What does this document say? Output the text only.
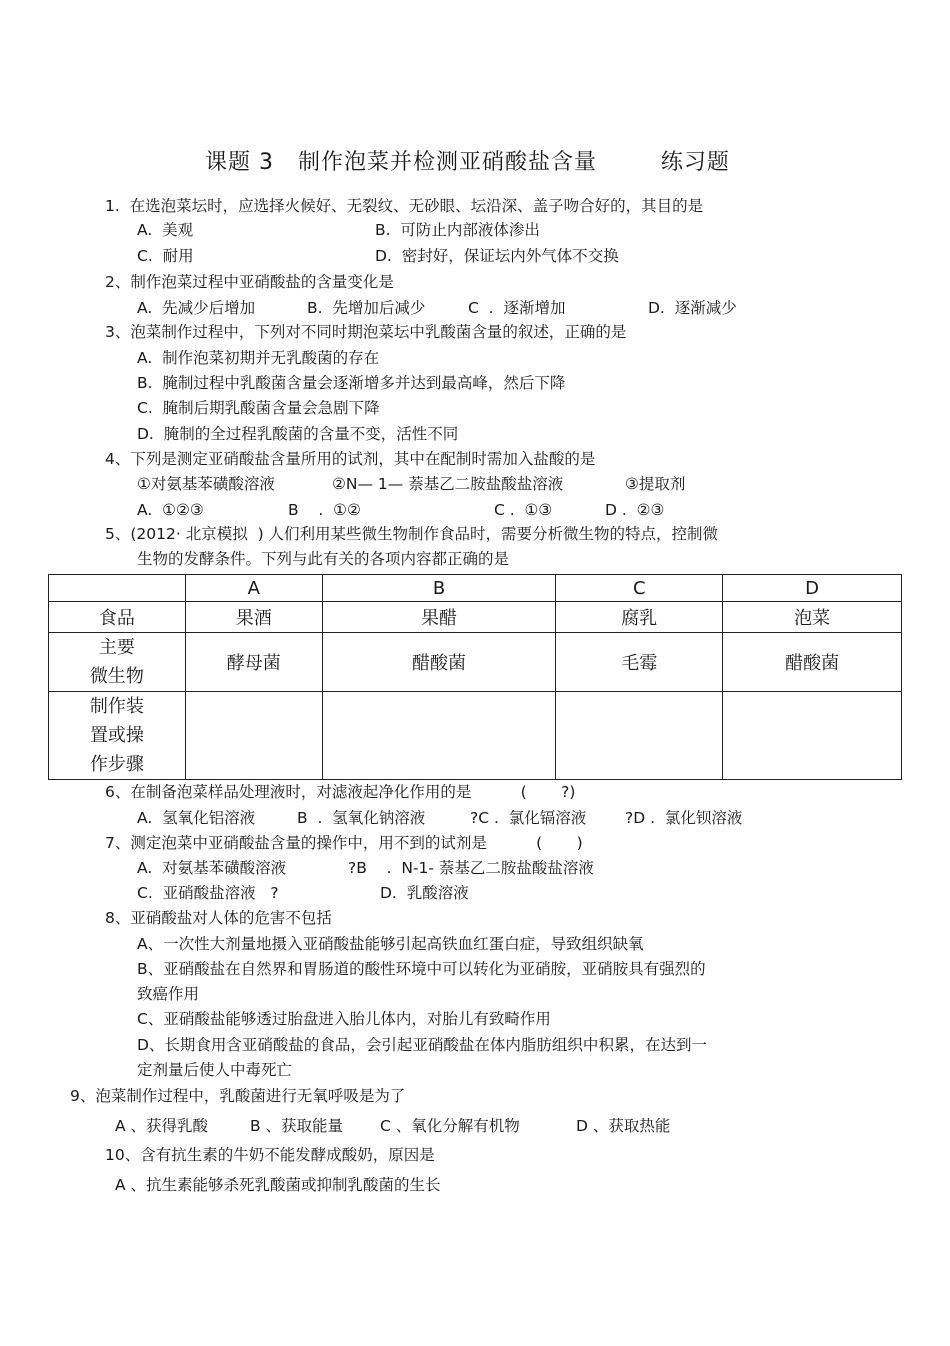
课题 3   制作泡菜并检测亚硝酸盐含量        练习题
1.  在选泡菜坛时，应选择火候好、无裂纹、无砂眼、坛沿深、盖子吻合好的，其目的是
A.  美观	B.  可防止内部液体渗出
C.  耐用	D.  密封好，保证坛内外气体不交换
2、制作泡菜过程中亚硝酸盐的含量变化是
A.  先减少后增加	B.  先增加后减少	C  .  逐渐增加	D.  逐渐减少
3、泡菜制作过程中，下列对不同时期泡菜坛中乳酸菌含量的叙述，正确的是
A.  制作泡菜初期并无乳酸菌的存在
B.  腌制过程中乳酸菌含量会逐渐增多并达到最高峰，然后下降
C.  腌制后期乳酸菌含量会急剧下降
D.  腌制的全过程乳酸菌的含量不变，活性不同
4、下列是测定亚硝酸盐含量所用的试剂，其中在配制时需加入盐酸的是
①对氨基苯磺酸溶液	②N— 1— 萘基乙二胺盐酸盐溶液	③提取剂
A.  ①②③	B    .  ①②	C .  ①③	D .  ②③
5、(2012· 北京模拟  ) 人们利用某些微生物制作食品时，需要分析微生物的特点，控制微
生物的发酵条件。下列与此有关的各项内容都正确的是
	A	B	C	D
食品	果酒	果醋	腐乳	泡菜

主要
微生物	酵母菌	醋酸菌	毛霉	醋酸菌

制作装
置或操
作步骤				

6、在制备泡菜样品处理液时，对滤液起净化作用的是          (       ?)
A.  氢氧化铝溶液	B  .  氢氧化钠溶液	?C .  氯化镉溶液 ?D .  氯化钡溶液
7、测定泡菜中亚硝酸盐含量的操作中，用不到的试剂是          (       )
A.  对氨基苯磺酸溶液	?B    .  N-1- 萘基乙二胺盐酸盐溶液
C.  亚硝酸盐溶液   ?	D.  乳酸溶液
8、亚硝酸盐对人体的危害不包括
A、一次性大剂量地摄入亚硝酸盐能够引起高铁血红蛋白症，导致组织缺氧
B、亚硝酸盐在自然界和胃肠道的酸性环境中可以转化为亚硝胺，亚硝胺具有强烈的
致癌作用
C、亚硝酸盐能够透过胎盘进入胎儿体内，对胎儿有致畸作用
D、长期食用含亚硝酸盐的食品，会引起亚硝酸盐在体内脂肪组织中积累，在达到一
定剂量后使人中毒死亡
9、泡菜制作过程中，乳酸菌进行无氧呼吸是为了
A 、获得乳酸	B 、获取能量 C 、氧化分解有机物	D 、获取热能
10、含有抗生素的牛奶不能发酵成酸奶，原因是
A 、抗生素能够杀死乳酸菌或抑制乳酸菌的生长
